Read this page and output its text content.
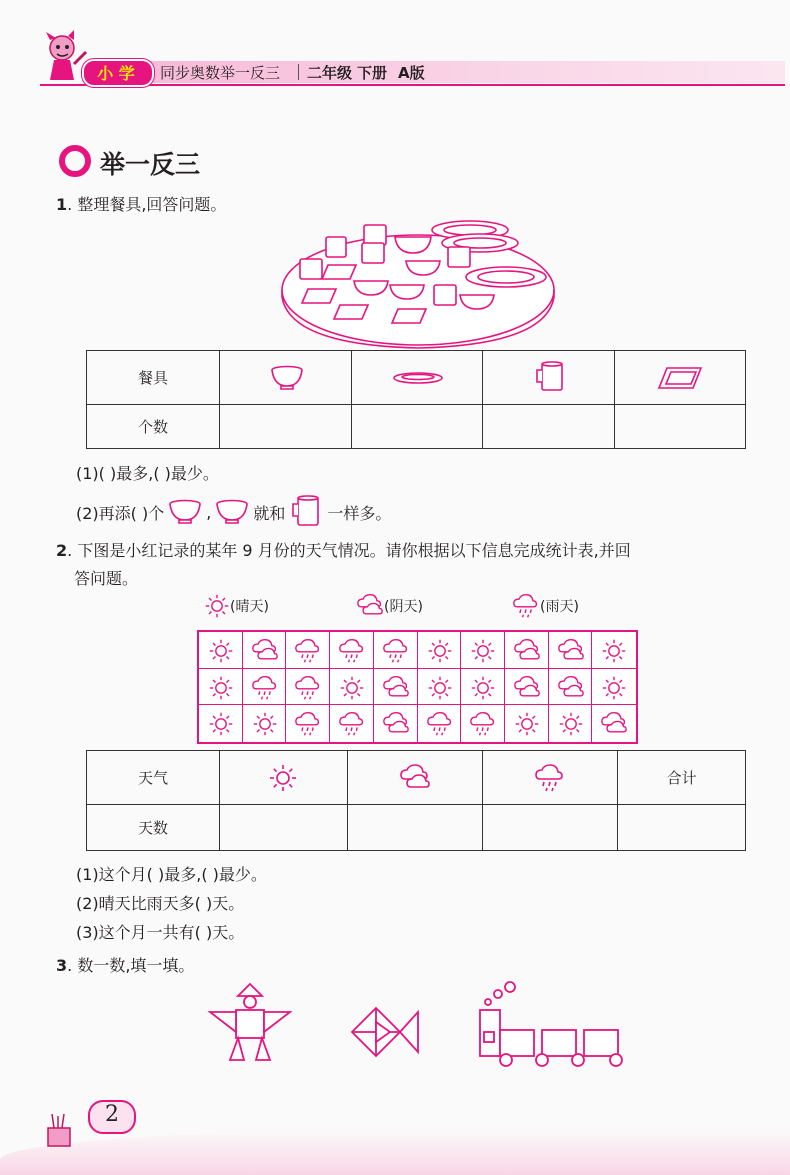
小 学	同步奥数举一反三 二年级 下册 A版
举一反三
1. 整理餐具,回答问题。
餐具	

个数				
(1)( )最多,( )最少。
(2)再添( )个	,	就和	一样多。
2. 下图是小红记录的某年 9 月份的天气情况。请你根据以下信息完成统计表,并回
答问题。
(晴天)	(阴天)	(雨天)
天气				合计
天数				
(1)这个月( )最多,( )最少。
(2)晴天比雨天多( )天。
(3)这个月一共有( )天。
3. 数一数,填一填。
2
